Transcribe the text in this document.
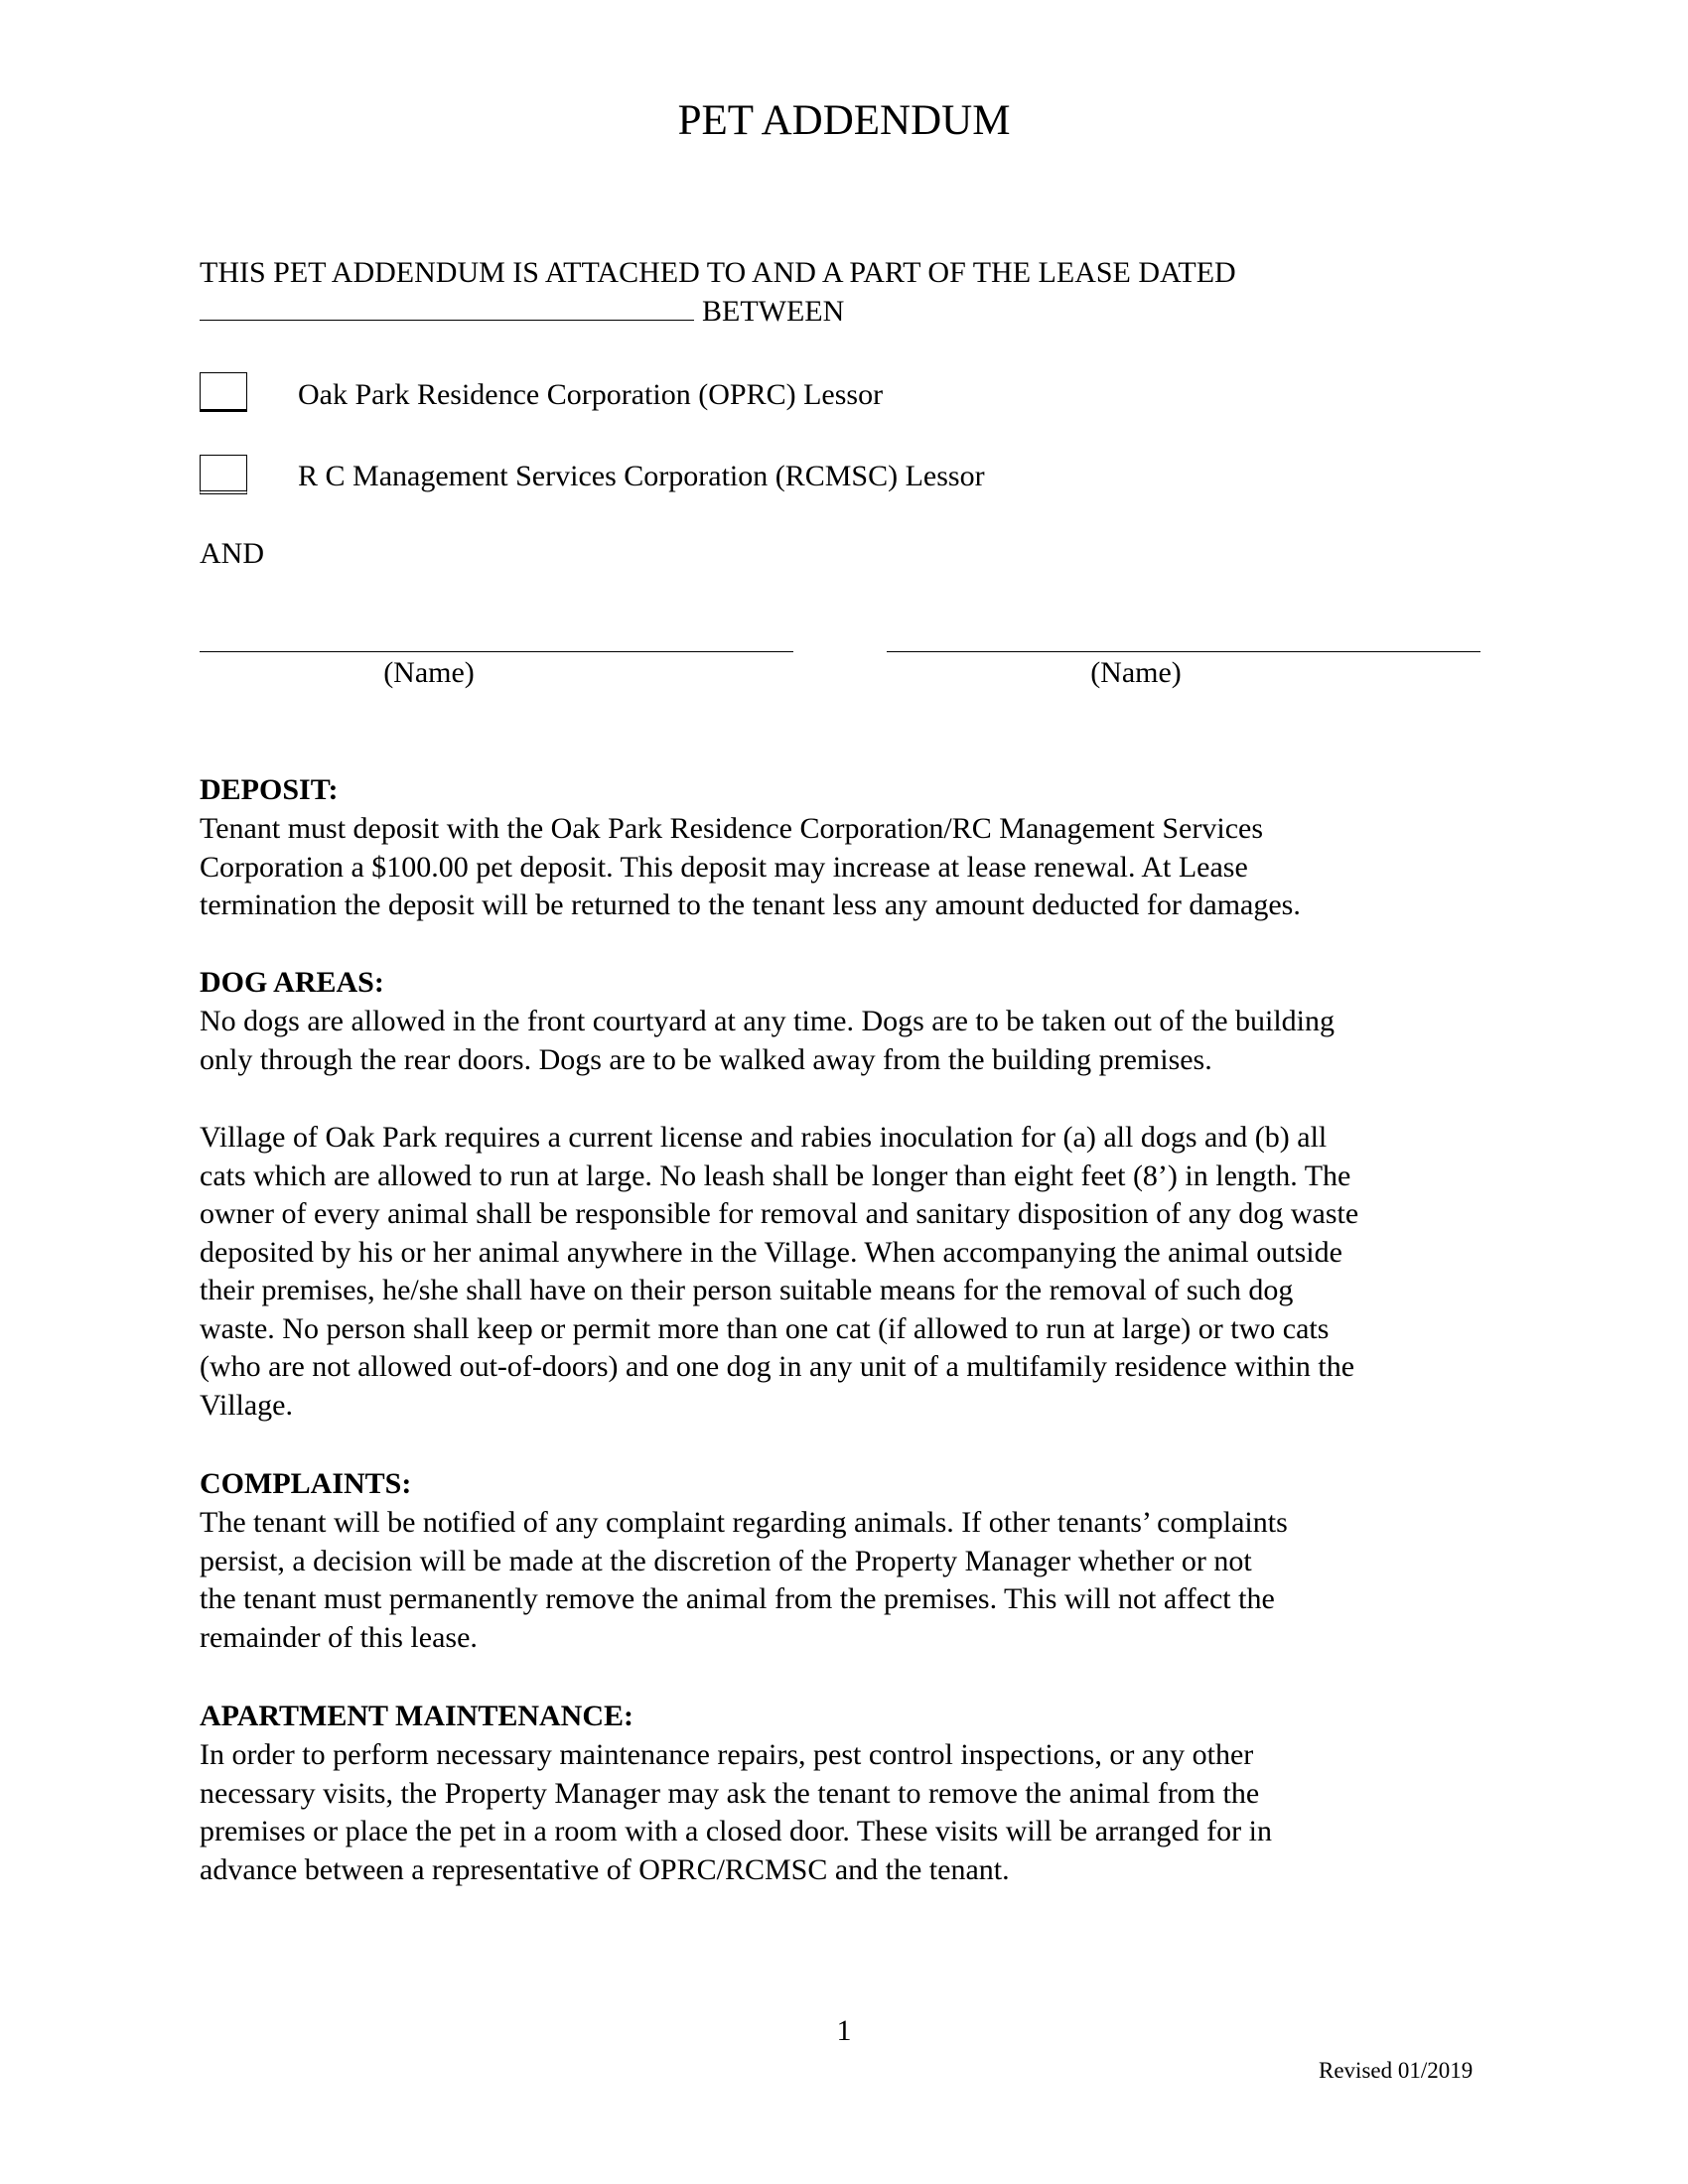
PET ADDENDUM
THIS PET ADDENDUM IS ATTACHED TO AND A PART OF THE LEASE DATED
BETWEEN
Oak Park Residence Corporation (OPRC) Lessor
R C Management Services Corporation (RCMSC) Lessor
AND
(Name)	(Name)

DEPOSIT:

Tenant must deposit with the Oak Park Residence Corporation/RC Management Services
Corporation a $100.00 pet deposit. This deposit may increase at lease renewal. At Lease
termination the deposit will be returned to the tenant less any amount deducted for damages.

DOG AREAS:

No dogs are allowed in the front courtyard at any time. Dogs are to be taken out of the building
only through the rear doors. Dogs are to be walked away from the building premises.

Village of Oak Park requires a current license and rabies inoculation for (a) all dogs and (b) all
cats which are allowed to run at large. No leash shall be longer than eight feet (8’) in length. The
owner of every animal shall be responsible for removal and sanitary disposition of any dog waste
deposited by his or her animal anywhere in the Village. When accompanying the animal outside
their premises, he/she shall have on their person suitable means for the removal of such dog
waste. No person shall keep or permit more than one cat (if allowed to run at large) or two cats
(who are not allowed out-of-doors) and one dog in any unit of a multifamily residence within the
Village.

COMPLAINTS:

The tenant will be notified of any complaint regarding animals. If other tenants’ complaints
persist, a decision will be made at the discretion of the Property Manager whether or not
the tenant must permanently remove the animal from the premises. This will not affect the
remainder of this lease.

APARTMENT MAINTENANCE:

In order to perform necessary maintenance repairs, pest control inspections, or any other
necessary visits, the Property Manager may ask the tenant to remove the animal from the
premises or place the pet in a room with a closed door. These visits will be arranged for in
advance between a representative of OPRC/RCMSC and the tenant.

1
Revised 01/2019
